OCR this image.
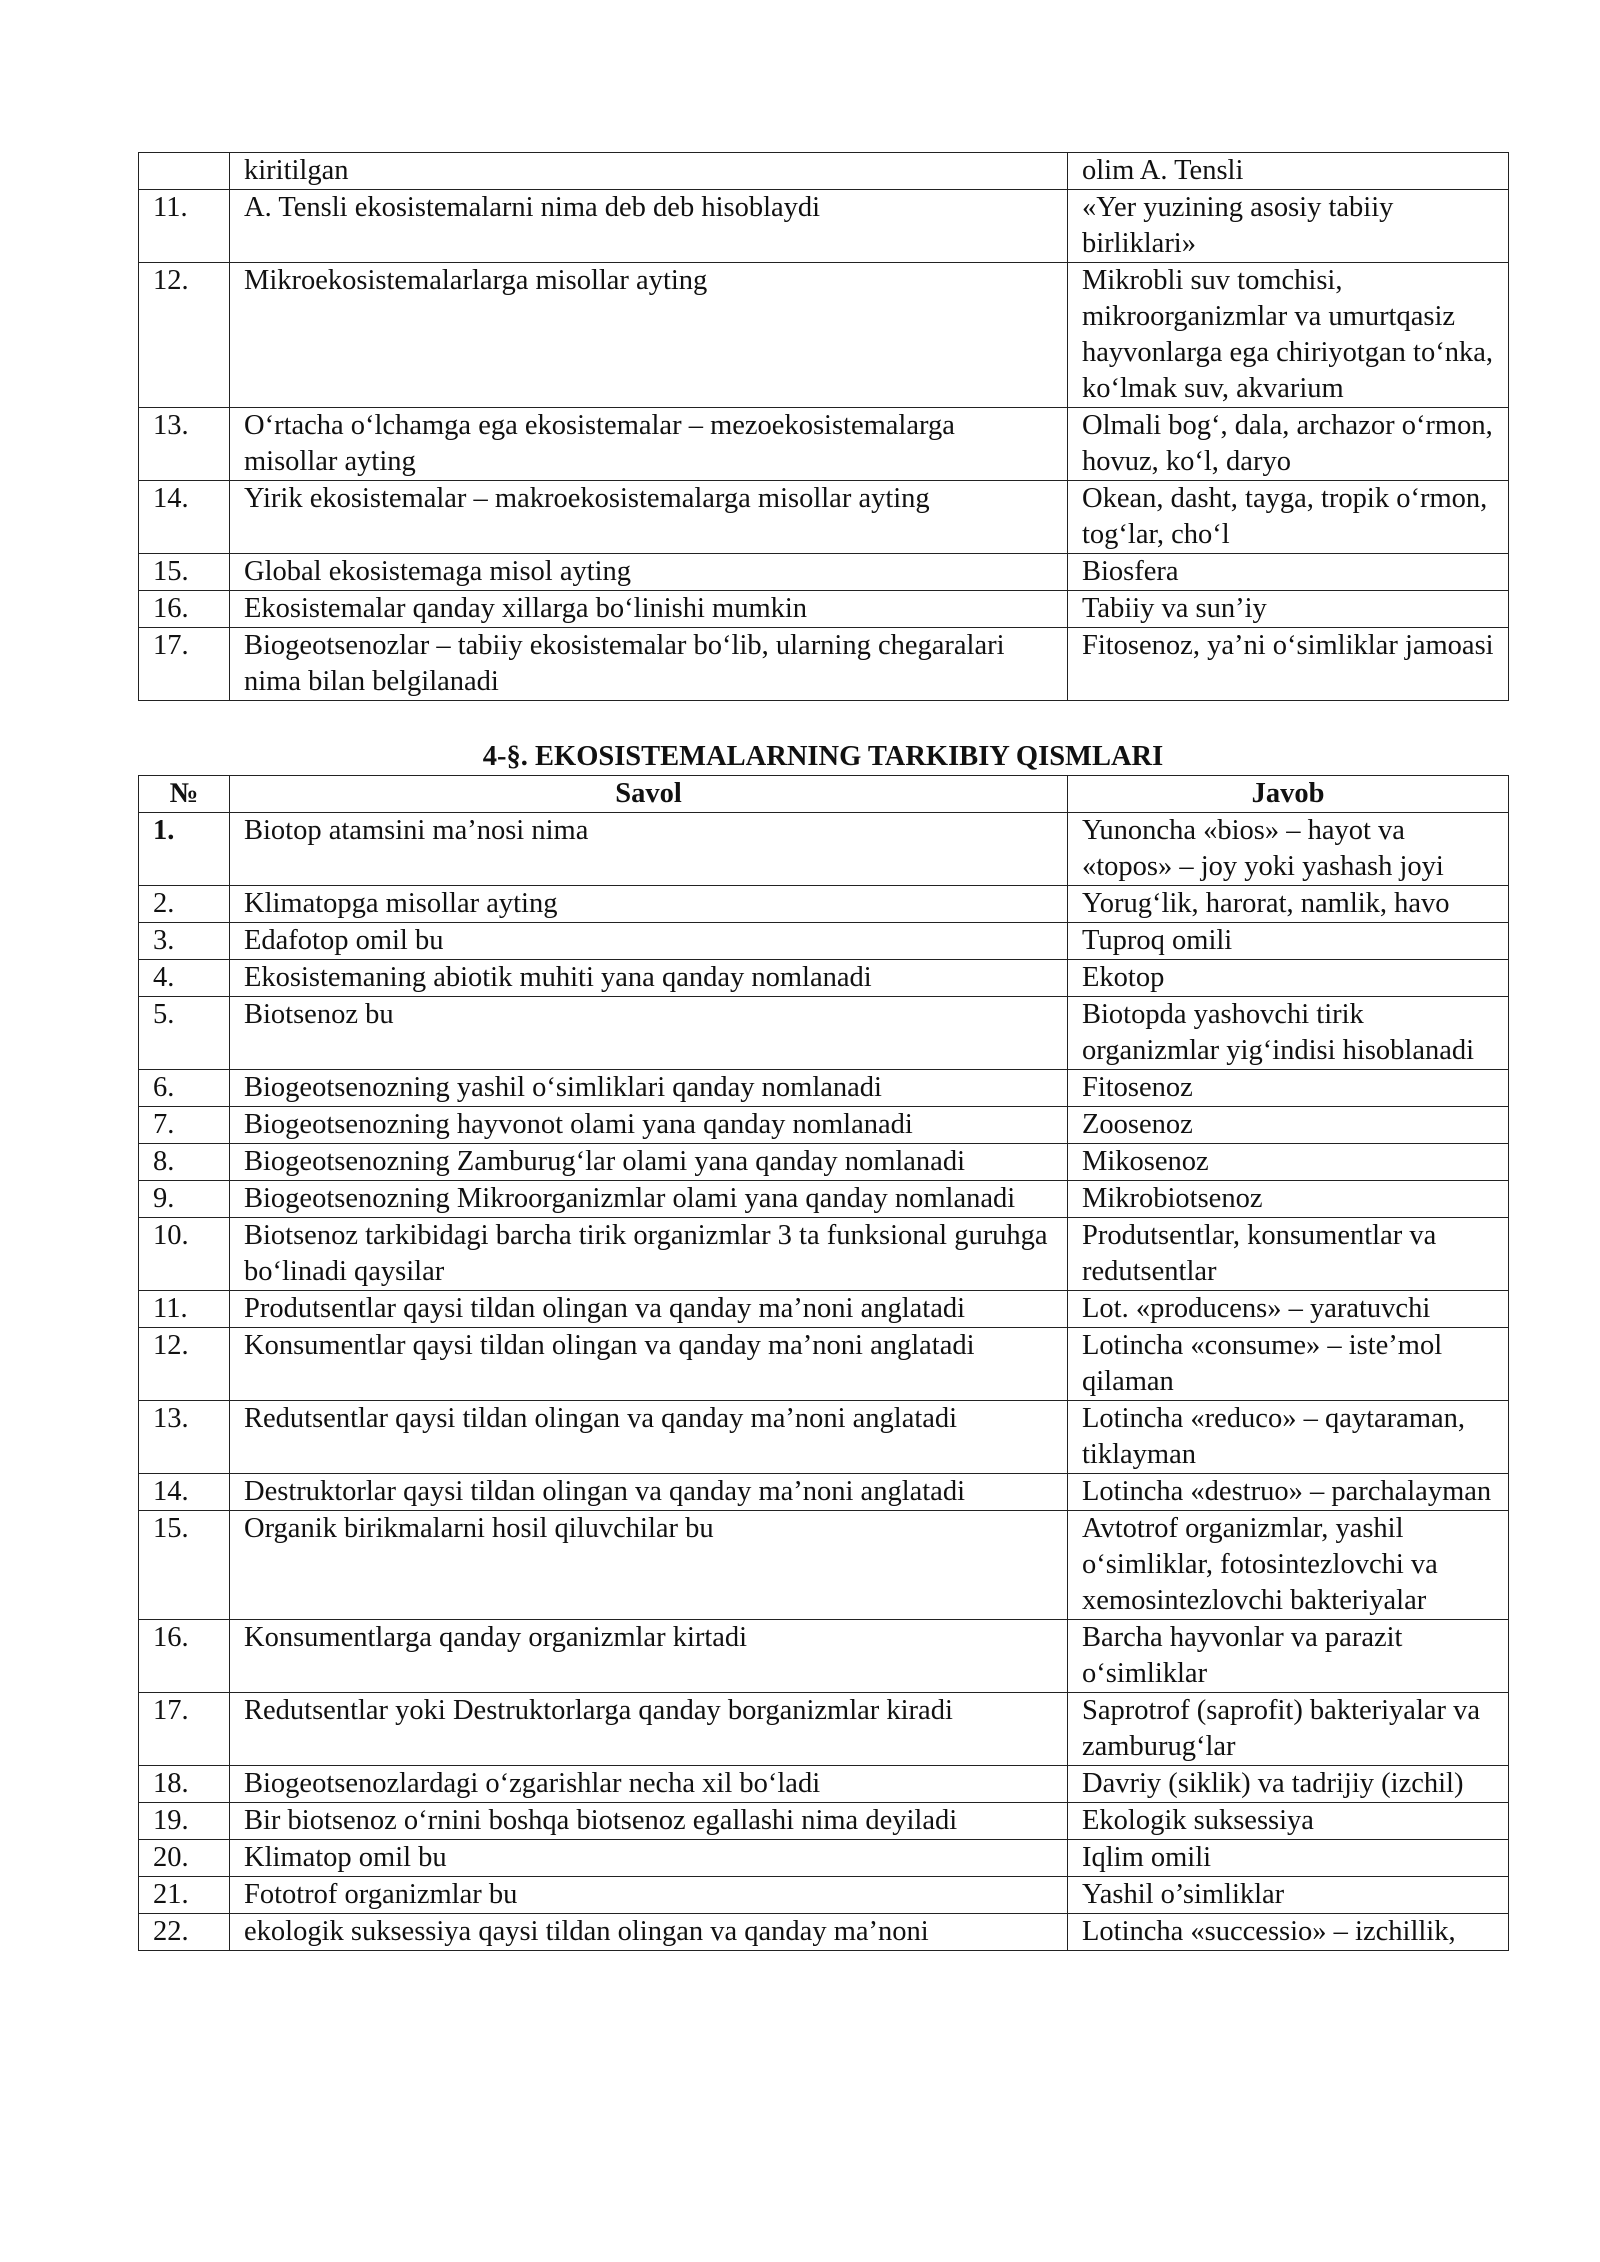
	kiritilgan	olim A. Tensli
11.	A. Tensli ekosistemalarni nima deb deb hisoblaydi	«Yer yuzining asosiy tabiiy birliklari»
12.	Mikroekosistemalarlarga misollar ayting	Mikrobli suv tomchisi, mikroorganizmlar va umurtqasiz hayvonlarga ega chiriyotgan to‘nka, ko‘lmak suv, akvarium
13.	O‘rtacha o‘lchamga ega ekosistemalar – mezoekosistemalarga misollar ayting	Olmali bog‘, dala, archazor o‘rmon, hovuz, ko‘l, daryo
14.	Yirik ekosistemalar – makroekosistemalarga misollar ayting	Okean, dasht, tayga, tropik o‘rmon, tog‘lar, cho‘l
15.	Global ekosistemaga misol ayting	Biosfera
16.	Ekosistemalar qanday xillarga bo‘linishi mumkin	Tabiiy va sun’iy
17.	Biogeotsenozlar – tabiiy ekosistemalar bo‘lib, ularning chegaralari nima bilan belgilanadi	Fitosenoz, ya’ni o‘simliklar jamoasi
4-§. EKOSISTEMALARNING TARKIBIY QISMLARI
№	Savol	Javob
1.	Biotop atamsini ma’nosi nima	Yunoncha «bios» – hayot va «topos» – joy yoki yashash joyi
2.	Klimatopga misollar ayting	Yorug‘lik, harorat, namlik, havo
3.	Edafotop omil bu	Tuproq omili
4.	Ekosistemaning abiotik muhiti yana qanday nomlanadi	Ekotop
5.	Biotsenoz bu	Biotopda yashovchi tirik organizmlar yig‘indisi hisoblanadi
6.	Biogeotsenozning yashil o‘simliklari qanday nomlanadi	Fitosenoz
7.	Biogeotsenozning hayvonot olami yana qanday nomlanadi	Zoosenoz
8.	Biogeotsenozning Zamburug‘lar olami yana qanday nomlanadi	Mikosenoz
9.	Biogeotsenozning Mikroorganizmlar olami yana qanday nomlanadi	Mikrobiotsenoz
10.	Biotsenoz tarkibidagi barcha tirik organizmlar 3 ta funksional guruhga bo‘linadi qaysilar	Produtsentlar, konsumentlar va redutsentlar
11.	Produtsentlar qaysi tildan olingan va qanday ma’noni anglatadi	Lot. «producens» – yaratuvchi
12.	Konsumentlar qaysi tildan olingan va qanday ma’noni anglatadi	Lotincha «consume» – iste’mol qilaman
13.	Redutsentlar qaysi tildan olingan va qanday ma’noni anglatadi	Lotincha «reduco» – qaytaraman, tiklayman
14.	Destruktorlar qaysi tildan olingan va qanday ma’noni anglatadi	Lotincha «destruo» – parchalayman
15.	Organik birikmalarni hosil qiluvchilar bu	Avtotrof organizmlar, yashil o‘simliklar, fotosintezlovchi va xemosintezlovchi bakteriyalar
16.	Konsumentlarga qanday organizmlar kirtadi	Barcha hayvonlar va parazit o‘simliklar
17.	Redutsentlar yoki Destruktorlarga qanday borganizmlar kiradi	Saprotrof (saprofit) bakteriyalar va zamburug‘lar
18.	Biogeotsenozlardagi o‘zgarishlar necha xil bo‘ladi	Davriy (siklik) va tadrijiy (izchil)
19.	Bir biotsenoz o‘rnini boshqa biotsenoz egallashi nima deyiladi	Ekologik suksessiya
20.	Klimatop omil bu	Iqlim omili
21.	Fototrof organizmlar bu	Yashil o’simliklar
22.	ekologik suksessiya qaysi tildan olingan va qanday ma’noni	Lotincha «successio» – izchillik,
